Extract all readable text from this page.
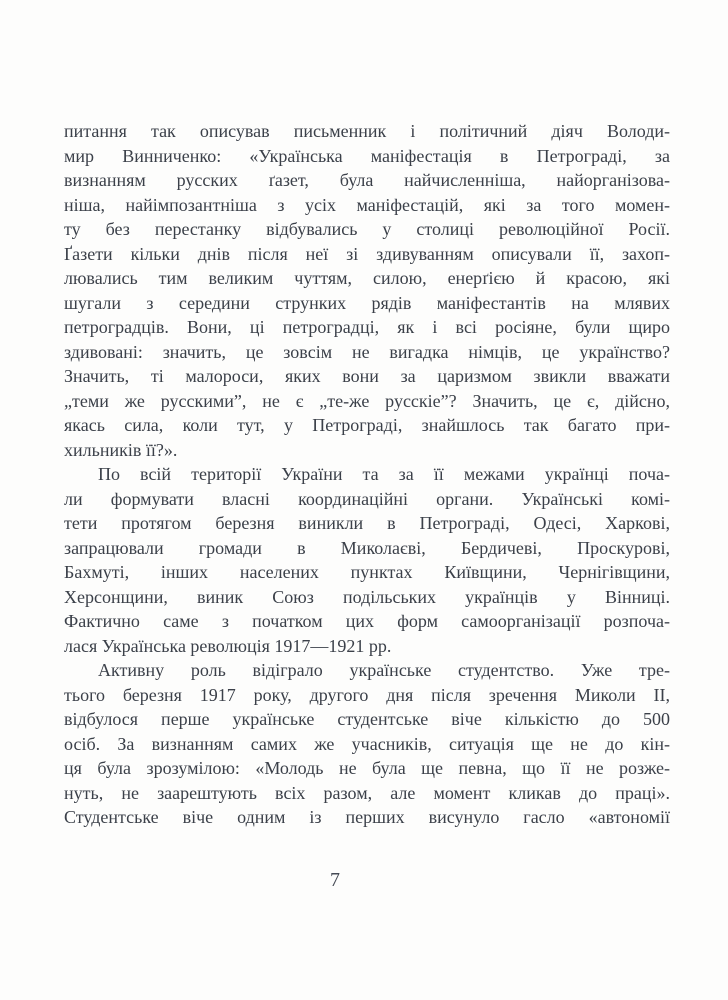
питання так описував письменник і політичний діяч Володи-
мир Винниченко: «Українська маніфестація в Петрограді, за
визнанням русских ґазет, була найчисленніша, найорганізова-
ніша, найімпозантніша з усіх маніфестацій, які за того момен-
ту без перестанку відбувались у столиці революційної Росії.
Ґазети кільки днів після неї зі здивуванням описували її, захоп-
лювались тим великим чуттям, силою, енерґією й красою, які
шугали з середини струнких рядів маніфестантів на млявих
петроградців. Вони, ці петроградці, як і всі росіяне, були щиро
здивовані: значить, це зовсім не вигадка німців, це українство?
Значить, ті малороси, яких вони за царизмом звикли вважати
„теми же русскими”, не є „те-же русскіе”? Значить, це є, дійсно,
якась сила, коли тут, у Петрограді, знайшлось так багато при-
хильників її?».
По всій території України та за її межами українці поча-
ли формувати власні координаційні органи. Українські комі-
тети протягом березня виникли в Петрограді, Одесі, Харкові,
запрацювали громади в Миколаєві, Бердичеві, Проскурові,
Бахмуті, інших населених пунктах Київщини, Чернігівщини,
Херсонщини, виник Союз подільських українців у Вінниці.
Фактично саме з початком цих форм самоорганізації розпоча-
лася Українська революція 1917—1921 рр.
Активну роль відіграло українське студентство. Уже тре-
тього березня 1917 року, другого дня після зречення Миколи II,
відбулося перше українське студентське віче кількістю до 500
осіб. За визнанням самих же учасників, ситуація ще не до кін-
ця була зрозумілою: «Молодь не була ще певна, що її не розже-
нуть, не заарештують всіх разом, але момент кликав до праці».
Студентське віче одним із перших висунуло гасло «автономії
7
